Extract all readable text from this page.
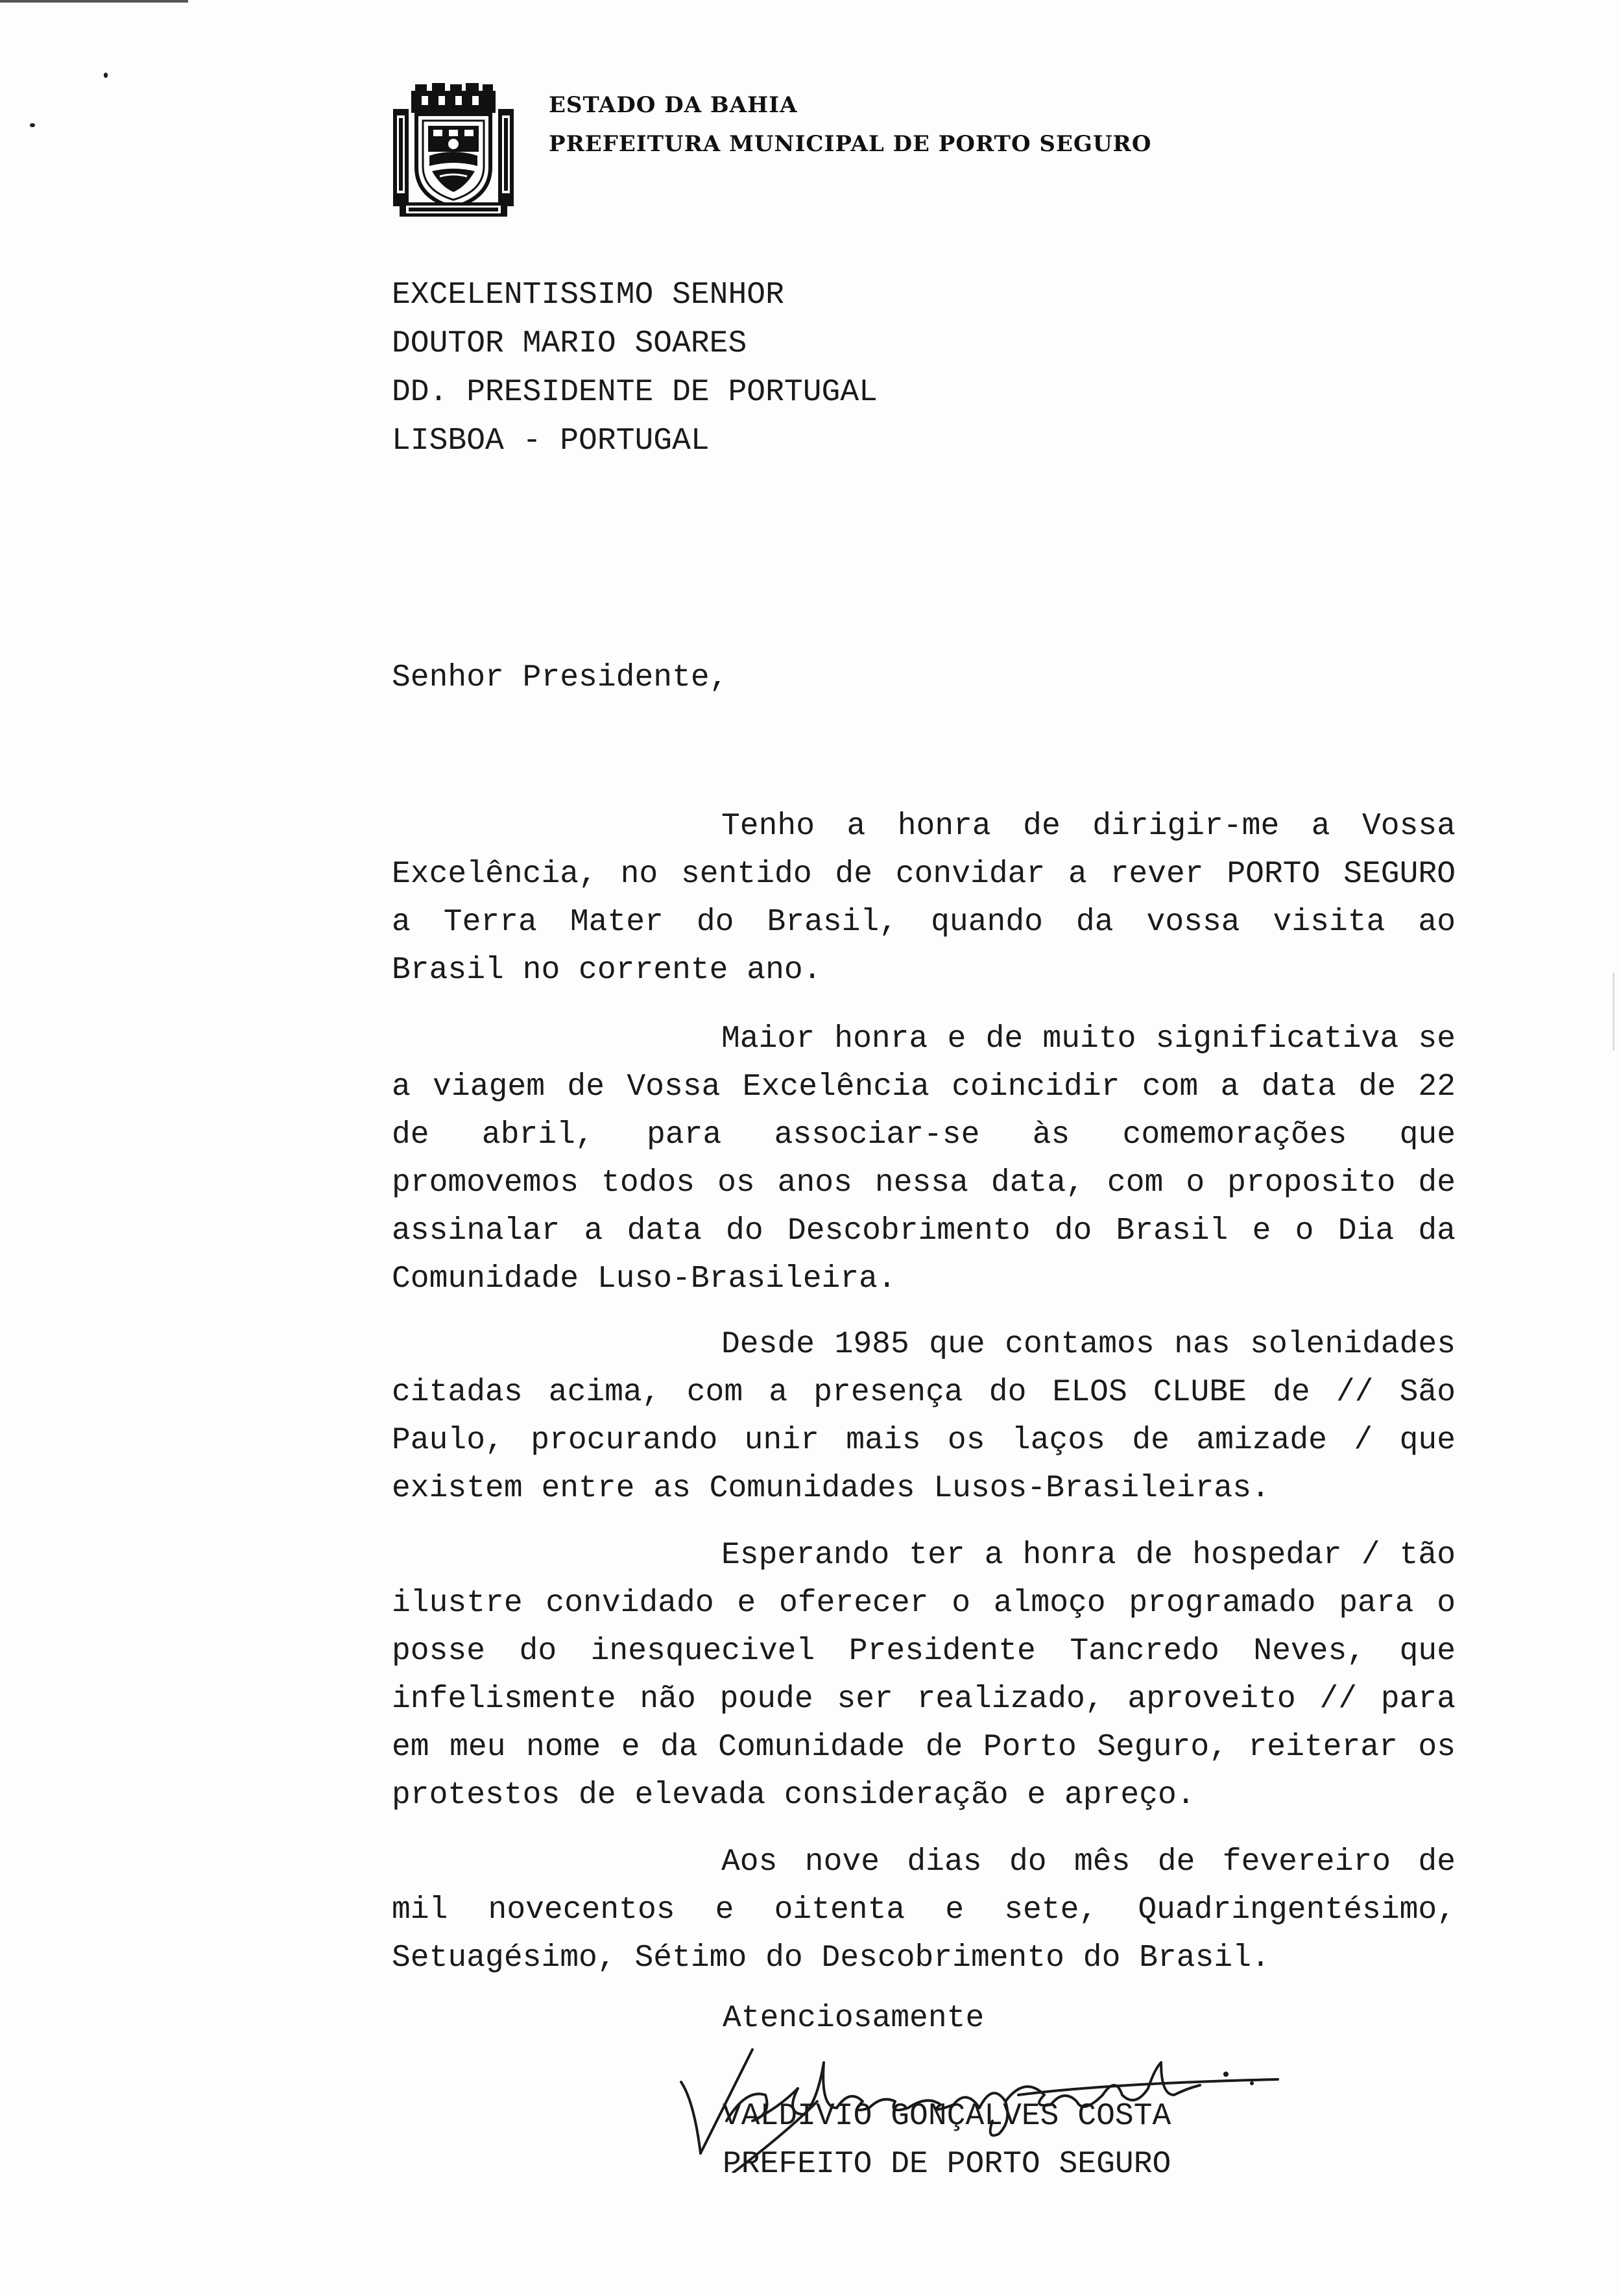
ESTADO DA BAHIA
PREFEITURA MUNICIPAL DE PORTO SEGURO
EXCELENTISSIMO SENHOR
DOUTOR MARIO SOARES
DD. PRESIDENTE DE PORTUGAL
LISBOA - PORTUGAL
Senhor Presidente,

Tenho a honra de dirigir-me a Vossa Excelência, no sentido de convidar a rever PORTO SEGURO a Terra Mater do Brasil, quando da vossa visita ao Brasil no corrente ano.

Maior honra e de muito significativa se a viagem de Vossa Excelência coincidir com a data de 22 de abril, para associar-se às comemorações que promovemos todos os anos nessa data, com o proposito de assinalar a data do Descobrimento do Brasil e o Dia da Comunidade Luso-Brasileira.

Desde 1985 que contamos nas solenidades citadas acima, com a presença do ELOS CLUBE de // São Paulo, procurando unir mais os laços de amizade / que existem entre as Comunidades Lusos-Brasileiras.

Esperando ter a honra de hospedar / tão ilustre convidado e oferecer o almoço programado para o posse do inesquecivel Presidente Tancredo Neves, que infelismente não poude ser realizado, aproveito // para em meu nome e da Comunidade de Porto Seguro, reiterar os protestos de elevada consideração e apreço.

Aos nove dias do mês de fevereiro de mil novecentos e oitenta e sete, Quadringentésimo, Setuagésimo, Sétimo do Descobrimento do Brasil.

Atenciosamente
VALDIVIO GONÇALVES COSTA
PREFEITO DE PORTO SEGURO
